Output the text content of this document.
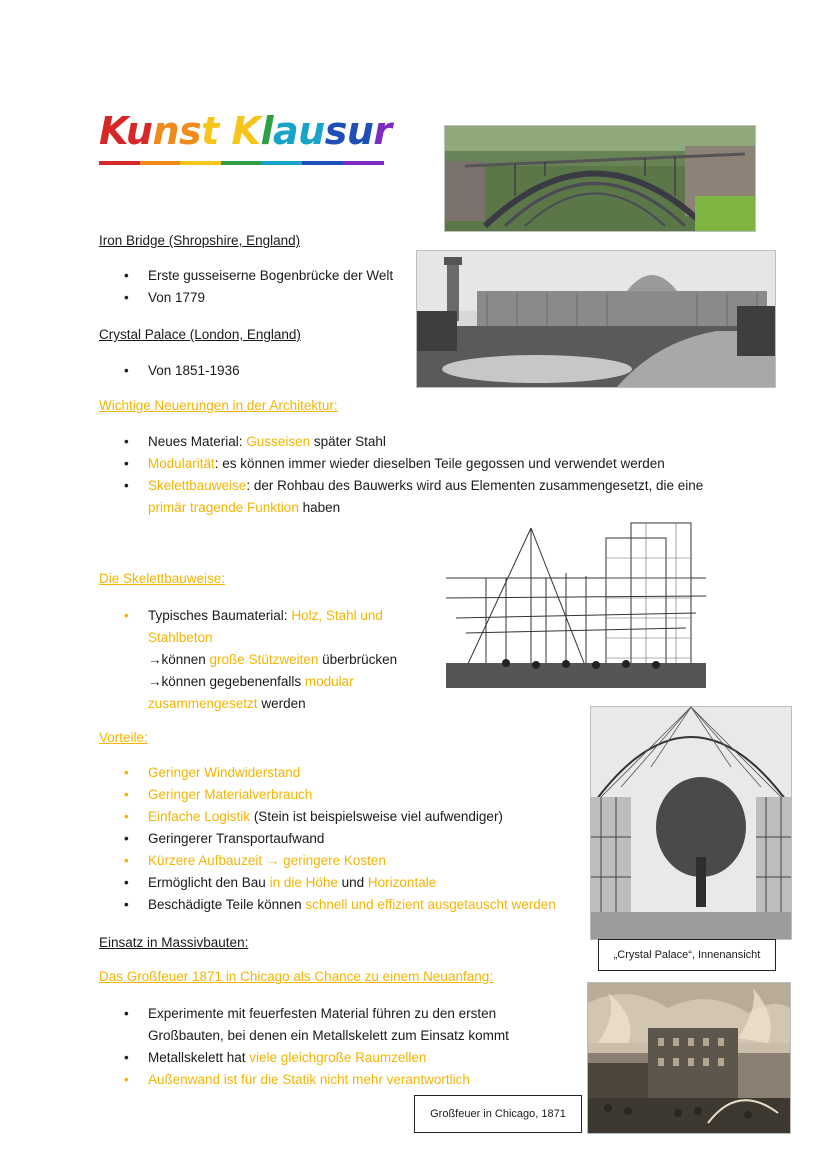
Kunst Klausur
Iron Bridge (Shropshire, England)
• Erste gusseiserne Bogenbrücke der Welt
• Von 1779
Crystal Palace (London, England)
• Von 1851-1936
Wichtige Neuerungen in der Architektur:
• Neues Material: Gusseisen später Stahl
• Modularität: es können immer wieder dieselben Teile gegossen und verwendet werden
• Skelettbauweise: der Rohbau des Bauwerks wird aus Elementen zusammengesetzt, die eine
primär tragende Funktion haben
Die Skelettbauweise:
• Typisches Baumaterial: Holz, Stahl und
Stahlbeton
→können große Stützweiten überbrücken
→können gegebenenfalls modular
zusammengesetzt werden
Vorteile:
• Geringer Windwiderstand
• Geringer Materialverbrauch
• Einfache Logistik (Stein ist beispielsweise viel aufwendiger)
• Geringerer Transportaufwand
• Kürzere Aufbauzeit → geringere Kosten
• Ermöglicht den Bau in die Höhe und Horizontale
• Beschädigte Teile können schnell und effizient ausgetauscht werden
„Crystal Palace“, Innenansicht
Einsatz in Massivbauten:
Das Großfeuer 1871 in Chicago als Chance zu einem Neuanfang:
• Experimente mit feuerfesten Material führen zu den ersten
Großbauten, bei denen ein Metallskelett zum Einsatz kommt
• Metallskelett hat viele gleichgroße Raumzellen
• Außenwand ist für die Statik nicht mehr verantwortlich
Großfeuer in Chicago, 1871
